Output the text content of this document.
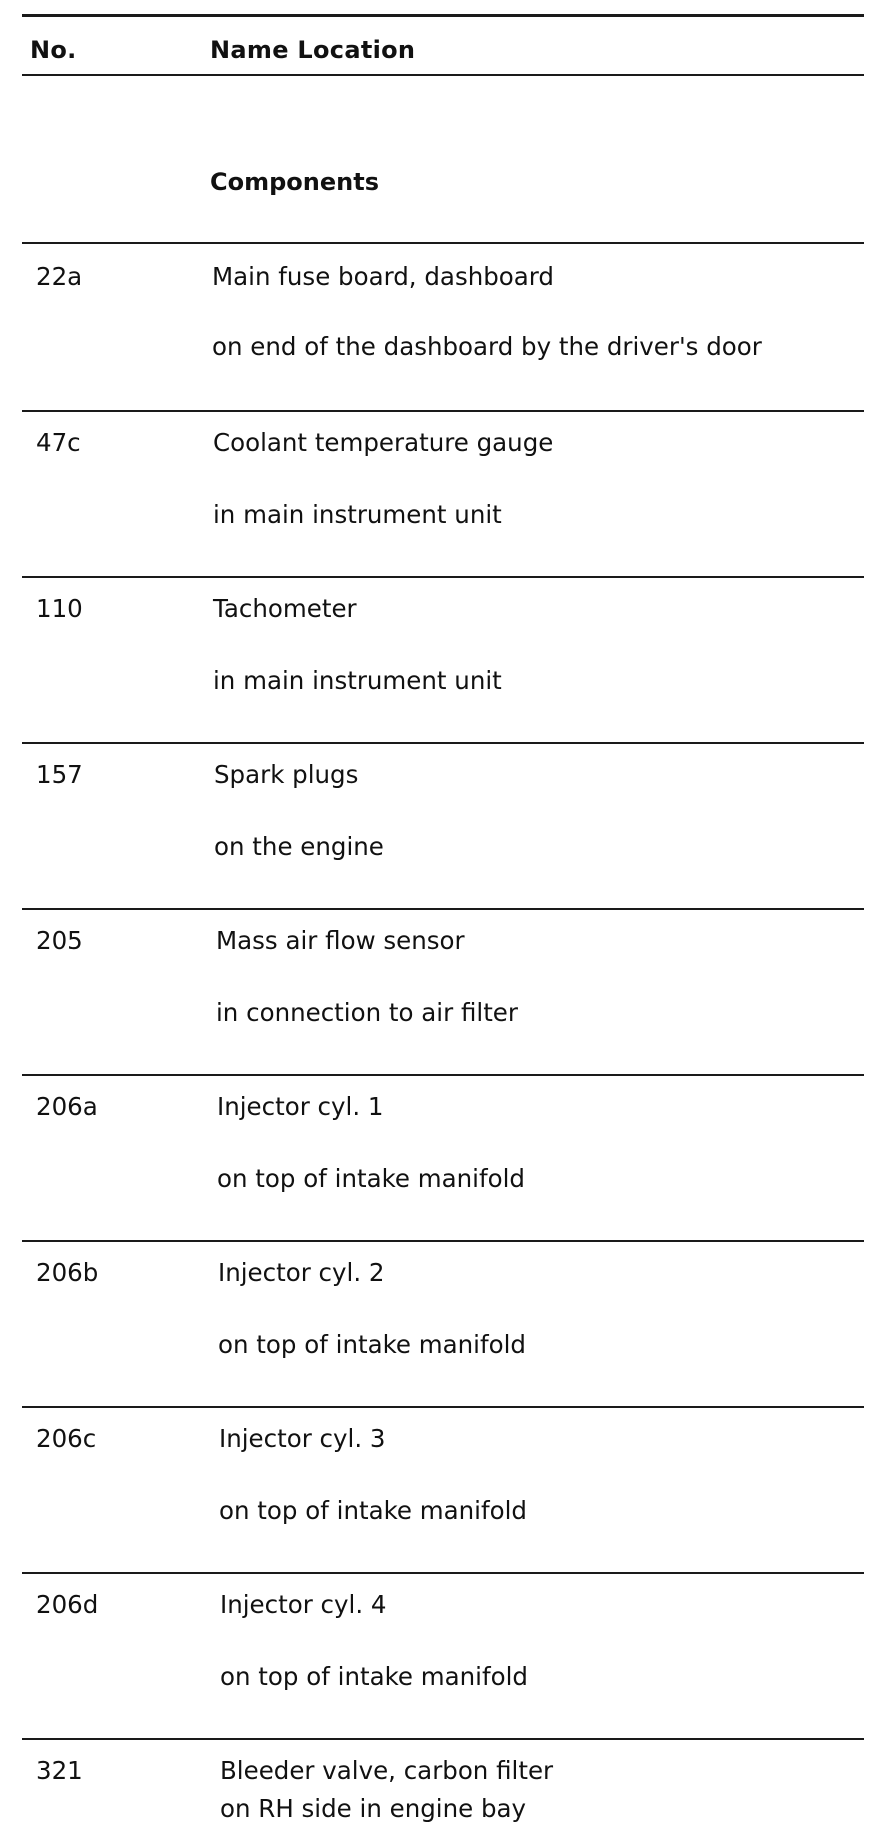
No.	Name Location
Components
22a	Main fuse board, dashboard
on end of the dashboard by the driver's door
47c	Coolant temperature gauge
in main instrument unit
110	Tachometer
in main instrument unit
157	Spark plugs
on the engine
205	Mass air flow sensor
in connection to air filter
206a	Injector cyl. 1
on top of intake manifold
206b	Injector cyl. 2
on top of intake manifold
206c	Injector cyl. 3
on top of intake manifold
206d	Injector cyl. 4
on top of intake manifold
321	Bleeder valve, carbon filter
on RH side in engine bay
